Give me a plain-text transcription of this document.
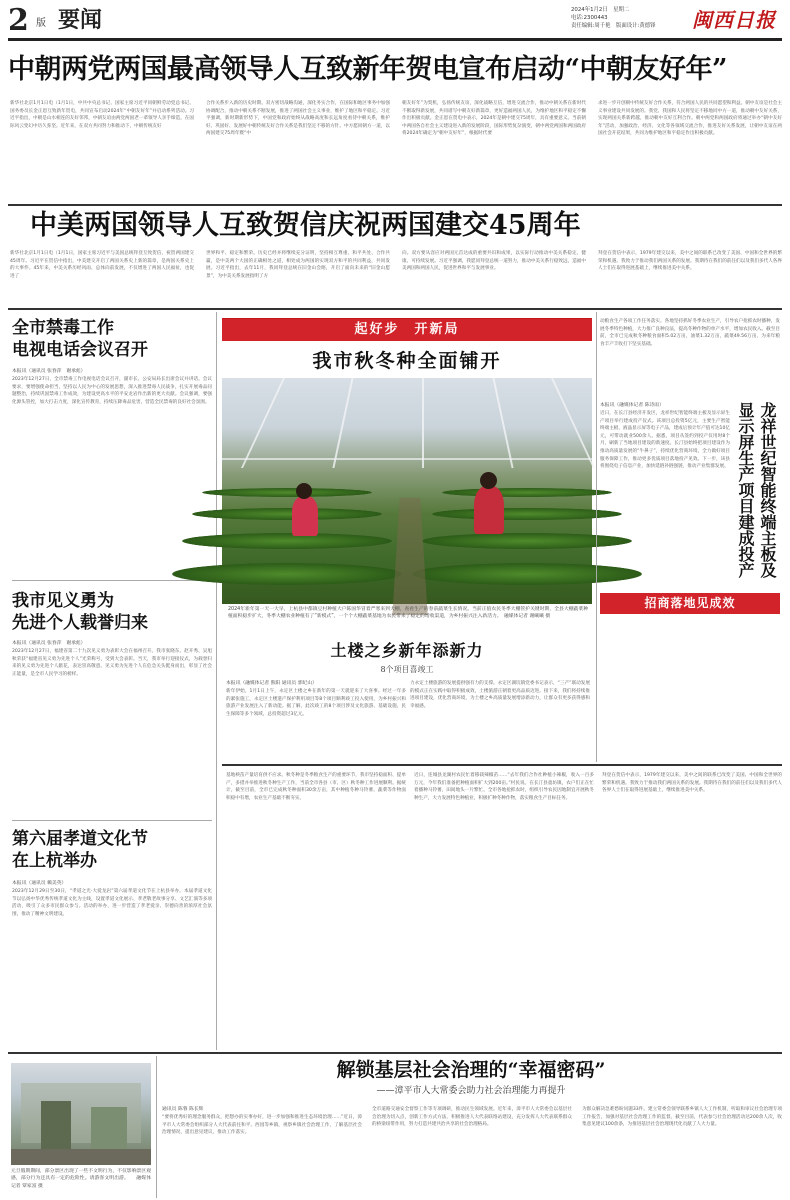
2 版 要闻	2024年1月2日　星期二
电话:2300443
责任编辑:周千艳　版面设计:黄德锋 闽西日报
中朝两党两国最高领导人互致新年贺电宣布启动“中朝友好年”
新华社北京1月1日电（1月1日，中共中央总书记、国家主席习近平同朝鲜劳动党总书记、国务委员长金正恩互致新年贺电，共同宣布启动2024年“中朝友好年”并启动系列活动。习近平指出，中朝是山水相连的友好邻邦，中朝友谊由两党两国老一辈领导人亲手缔造，在国际风云变幻中历久弥坚。近年来，在双方共同努力和推动下，中朝传统友好
合作关系步入新的历史时期。双方密切战略沟通，深化务实合作，在国际和地区事务中加强协调配合，推动中朝关系不断发展，推进了两国社会主义事业，维护了地区和平稳定。习近平强调，新时期新形势下，中国党和政府始终从战略高度和长远角度看待中朝关系，维护好、巩固好、发展好中朝传统友好合作关系是我们坚定不移的方针。中方愿同朝方一道，以两国建交75周年暨“中
朝友好年”为契机，弘扬传统友谊，深化战略互信，增进交流合作，推动中朝关系在新时代不断取得新发展，共同谱写中朝友好新篇章，更好造福两国人民，为维护地区和平稳定不懈作出积极贡献。金正恩在贺电中表示，2024年是朝中建交75周年，具有重要意义。当前朝中两国各自社会主义建设进入新的发展阶段，国际形势复杂演变，朝中两党两国和两国政府将2024年确定为“朝中友好年”，根据时代要
求进一步开创朝中传统友好合作关系，符合两国人民的共同愿望和利益。朝中友谊是社会主义事业建设共同发展的。我党、我国和人民将坚定不移地同中方一道，推动朝中友好关系，实现两国关系新跨越，推动朝中友好互利合作。朝中两党和两国政府将通过举办“朝中友好年”活动，加强政治、经济、文化等各领域交流合作，推进友好关系发展，让朝中友谊在两国社会开花结果，共同为维护地区和平稳定作出积极贡献。
中美两国领导人互致贺信庆祝两国建交45周年
新华社北京1月1日电（1月1日，国家主席习近平与美国总统拜登互致贺信，祝贺两国建交45周年。习近平在贺信中指出，中美建交开启了两国关系史上新的篇章，是两国关系史上的大事件。45年来，中美关系历经风雨、总体向前发展，不仅增进了两国人民福祉，也促进了
世界和平、稳定和繁荣。历史已经并将继续充分证明，坚持相互尊重、和平共处、合作共赢，是中美两个大国的正确相处之道，相处成为两国的实现双方和平的共同利益，共同发展。习近平指出，去年11月，我同拜登总统在旧金山会晤，开启了面向未来的“旧金山愿景”，为中美关系发展指明了方
向。双方要从容应对两国元首达成的重要共识和成果，以实际行动推动中美关系稳定、健康、可持续发展。习近平强调，我愿同拜登总统一道努力，推动中美关系行稳致远，造福中美两国和两国人民，促进世界和平与发展事业。
拜登在贺信中表示，1979年建交以来，美中之间的联系已改变了美国、中国和全世界的繁荣和机遇。我致力于推动我们两国关系的发展。我期待在我们的前任们以及我们多代人各界人士们在取得进展基础上，继续推进美中关系。
全市禁毒工作
电视电话会议召开
本报讯（通讯员 张春萍　谢承彪）
2023年12月27日，全市禁毒工作电视电话会议召开，副市长、公安局局长出席会议并讲话。会议要求，要增强使命担当，坚持以人民为中心的发展思想，深入推进禁毒人民战争，扎实开展毒品问题整治，持续巩固禁毒工作成效，为建设更高水平的平安龙岩作出新的更大贡献。会议强调，要强化源头管控，加大打击力度，深化宣传教育，持续压降毒品危害，营造全民禁毒的良好社会氛围。
我市见义勇为
先进个人载誉归来
本报讯（通讯员 张春萍　谢承彪）
2023年12月27日，福建省第二十九次见义勇为表彰大会在福州召开。我市张晓东、赵开秀、吴旭秋荣获“福建省见义勇为先进个人”光荣称号，受到大会表彰。当天，我市举行迎接仪式，为载誉归来的见义勇为先进个人献花，表达崇高敬意。见义勇为先进个人在危急关头挺身而出，彰显了社会正能量，是全市人民学习的榜样。
第六届孝道文化节
在上杭举办
本报讯（通讯员 赖美英）
2023年12月29日至30日，“孝道之光·大爱龙岩”第六届孝道文化节在上杭县举办。本届孝道文化节以弘扬中华优秀传统孝道文化为主线，设置孝道文化展示、孝老敬老故事分享、文艺汇演等多项活动，吸引了众多市民群众参与。活动的举办，进一步营造了孝老爱亲、崇德向善的浓厚社会氛围，推动了精神文明建设。
起好步　开新局
我市秋冬种全面铺开
2024年新年第一天一大早，上杭县中都镇豆村种植大户陈国华冒着严寒来到大棚，查看生产的春前蔬菜生长情况。当前正值农民冬季大棚管护关键时期，全县大棚蔬菜种植面积稳步扩大，冬季大棚农业种植有了“新模式”，一个个大棚蔬菜基地为农民带来了稳定的增收渠道，为乡村振兴注入新活力。　融媒体记者 谢曦曦 摄
土楼之乡新年添新力
8个项目喜竣工
本报讯（融媒体记者 熊阳 通讯员 郭纪山）
新年伊始，1月1日上午，永定区土楼之乡在新年的第一天就迎来了大喜事。经过一年多的紧张施工，永定区土楼遗产保护利用项目等8个项目顺利竣工投入使用，为乡村振兴和旅游产业发展注入了新动能。据了解，此次竣工的8个项目涉及文化旅游、基础设施、民生保障等多个领域，总投资超过3亿元。
力永定土楼旅游的发展提供强有力的支撑。永定区湖坑镇党委书记表示，“三产”联动发展的模式正在实践中取得积极成效，土楼旅游正朝着更高品质迈进。接下来，我们将持续推进项目建设，优化营商环境，为土楼之乡高质量发展增添新动力，让群众有更多获得感和幸福感。
动粮食生产各项工作任务落实。各地坚持抓好冬季农业生产，引导农户抢抓农时播种，发展冬季特色种植，大力推广良种良法，提高冬种作物的单产水平，增加农民收入。截至目前，全市已完成秋冬种粮食面积5.02万亩，油菜1.32万亩，蔬菜49.56万亩，为来年粮食丰产丰收打下坚实基础。
本报讯（融媒体记者 陈诗雨）
近日，在长汀县经济开发区，龙祥世纪智能终端主板及显示屏生产项目举行建成投产仪式。该项目总投资5亿元，主要生产智能终端主板、液晶显示屏等电子产品，建成后预计年产值可达10亿元，可带动就业500余人。据悉，项目从签约到投产仅用时8个月，刷新了当地项目建设的新速度。长汀县始终把项目建设作为推动高质量发展的“牛鼻子”，持续优化营商环境，全力做好项目服务保障工作，推动更多优质项目落地投产见效。下一步，该县将围绕电子信息产业，加快延链补链强链，推动产业集群发展。	龙祥世纪智能终端主板及显示屏生产项目建成投产
招商落地见成效
基地秧苗产量培育供不应求。秋冬种是冬季粮食生产的重要环节，我市坚持稳面积、提单产，多措并举推进秋冬种生产工作，当前全市各县（市、区）秋冬种工作进展顺利。据统计，截至目前，全市已完成秋冬种面积30余万亩，其中种植冬种马铃薯、蔬菜等作物面积稳中有增，农业生产基础不断夯实。
近日，连城县龙湖村农民忙着移栽辣椒苗……“去年我们合作社种植小辣椒，收入一百多万元，今年我们准备把种植面积扩大到200亩。”村民说。在长汀县童坊镇，农户们正在忙着播种马铃薯，田间地头一片繁忙。全市各地抢抓农时，组织引导农民因地制宜开展秋冬种生产，大力发展特色种植业，积极扩种冬种作物，落实粮食生产目标任务。
拜登在贺信中表示，1979年建交以来，美中之间的联系已改变了美国、中国和全世界的繁荣和机遇。我致力于推动我们两国关系的发展。我期待在我们的前任们以及我们多代人各界人士们在取得进展基础上，继续推进美中关系。
解锁基层社会治理的“幸福密码”
——漳平市人大常委会助力社会治理能力再提升
通讯员 陈蓉 陈长辉
“要将优秀好的理念服务群众，把想办的实事办好，进一步加强和推进生态环境治理……”近日，漳平市人大常委会组织部分人大代表前往和平、西园等乡镇，视察乡镇社会治理工作，了解基层社会治理情况，提出意见建议，推动工作落实。
全市道路交通安全督察工作等专项调研，推动民生领域发展。近年来，漳平市人大常委会以基层社会治理为切入点，创新工作方式方法，积极推进人大代表联络站建设，充分发挥人大代表联系群众的桥梁纽带作用，努力打造共建共治共享的社会治理格局。
为群众解决急难愁盼问题33件。建立常委会领导联系乡镇人大工作机制，听取和审议社会治理专项工作报告，加强对基层社会治理工作的监督。截至目前，代表参与社会治理活动达200余人次，收集意见建议100余条，为推进基层社会治理现代化贡献了人大力量。
元旦假期期间，部分景区出现了一些不文明行为，不仅影响景区观感，部分行为还具有一定的危险性。请游客文明出游。　　融媒体记者 覃家富 摄
